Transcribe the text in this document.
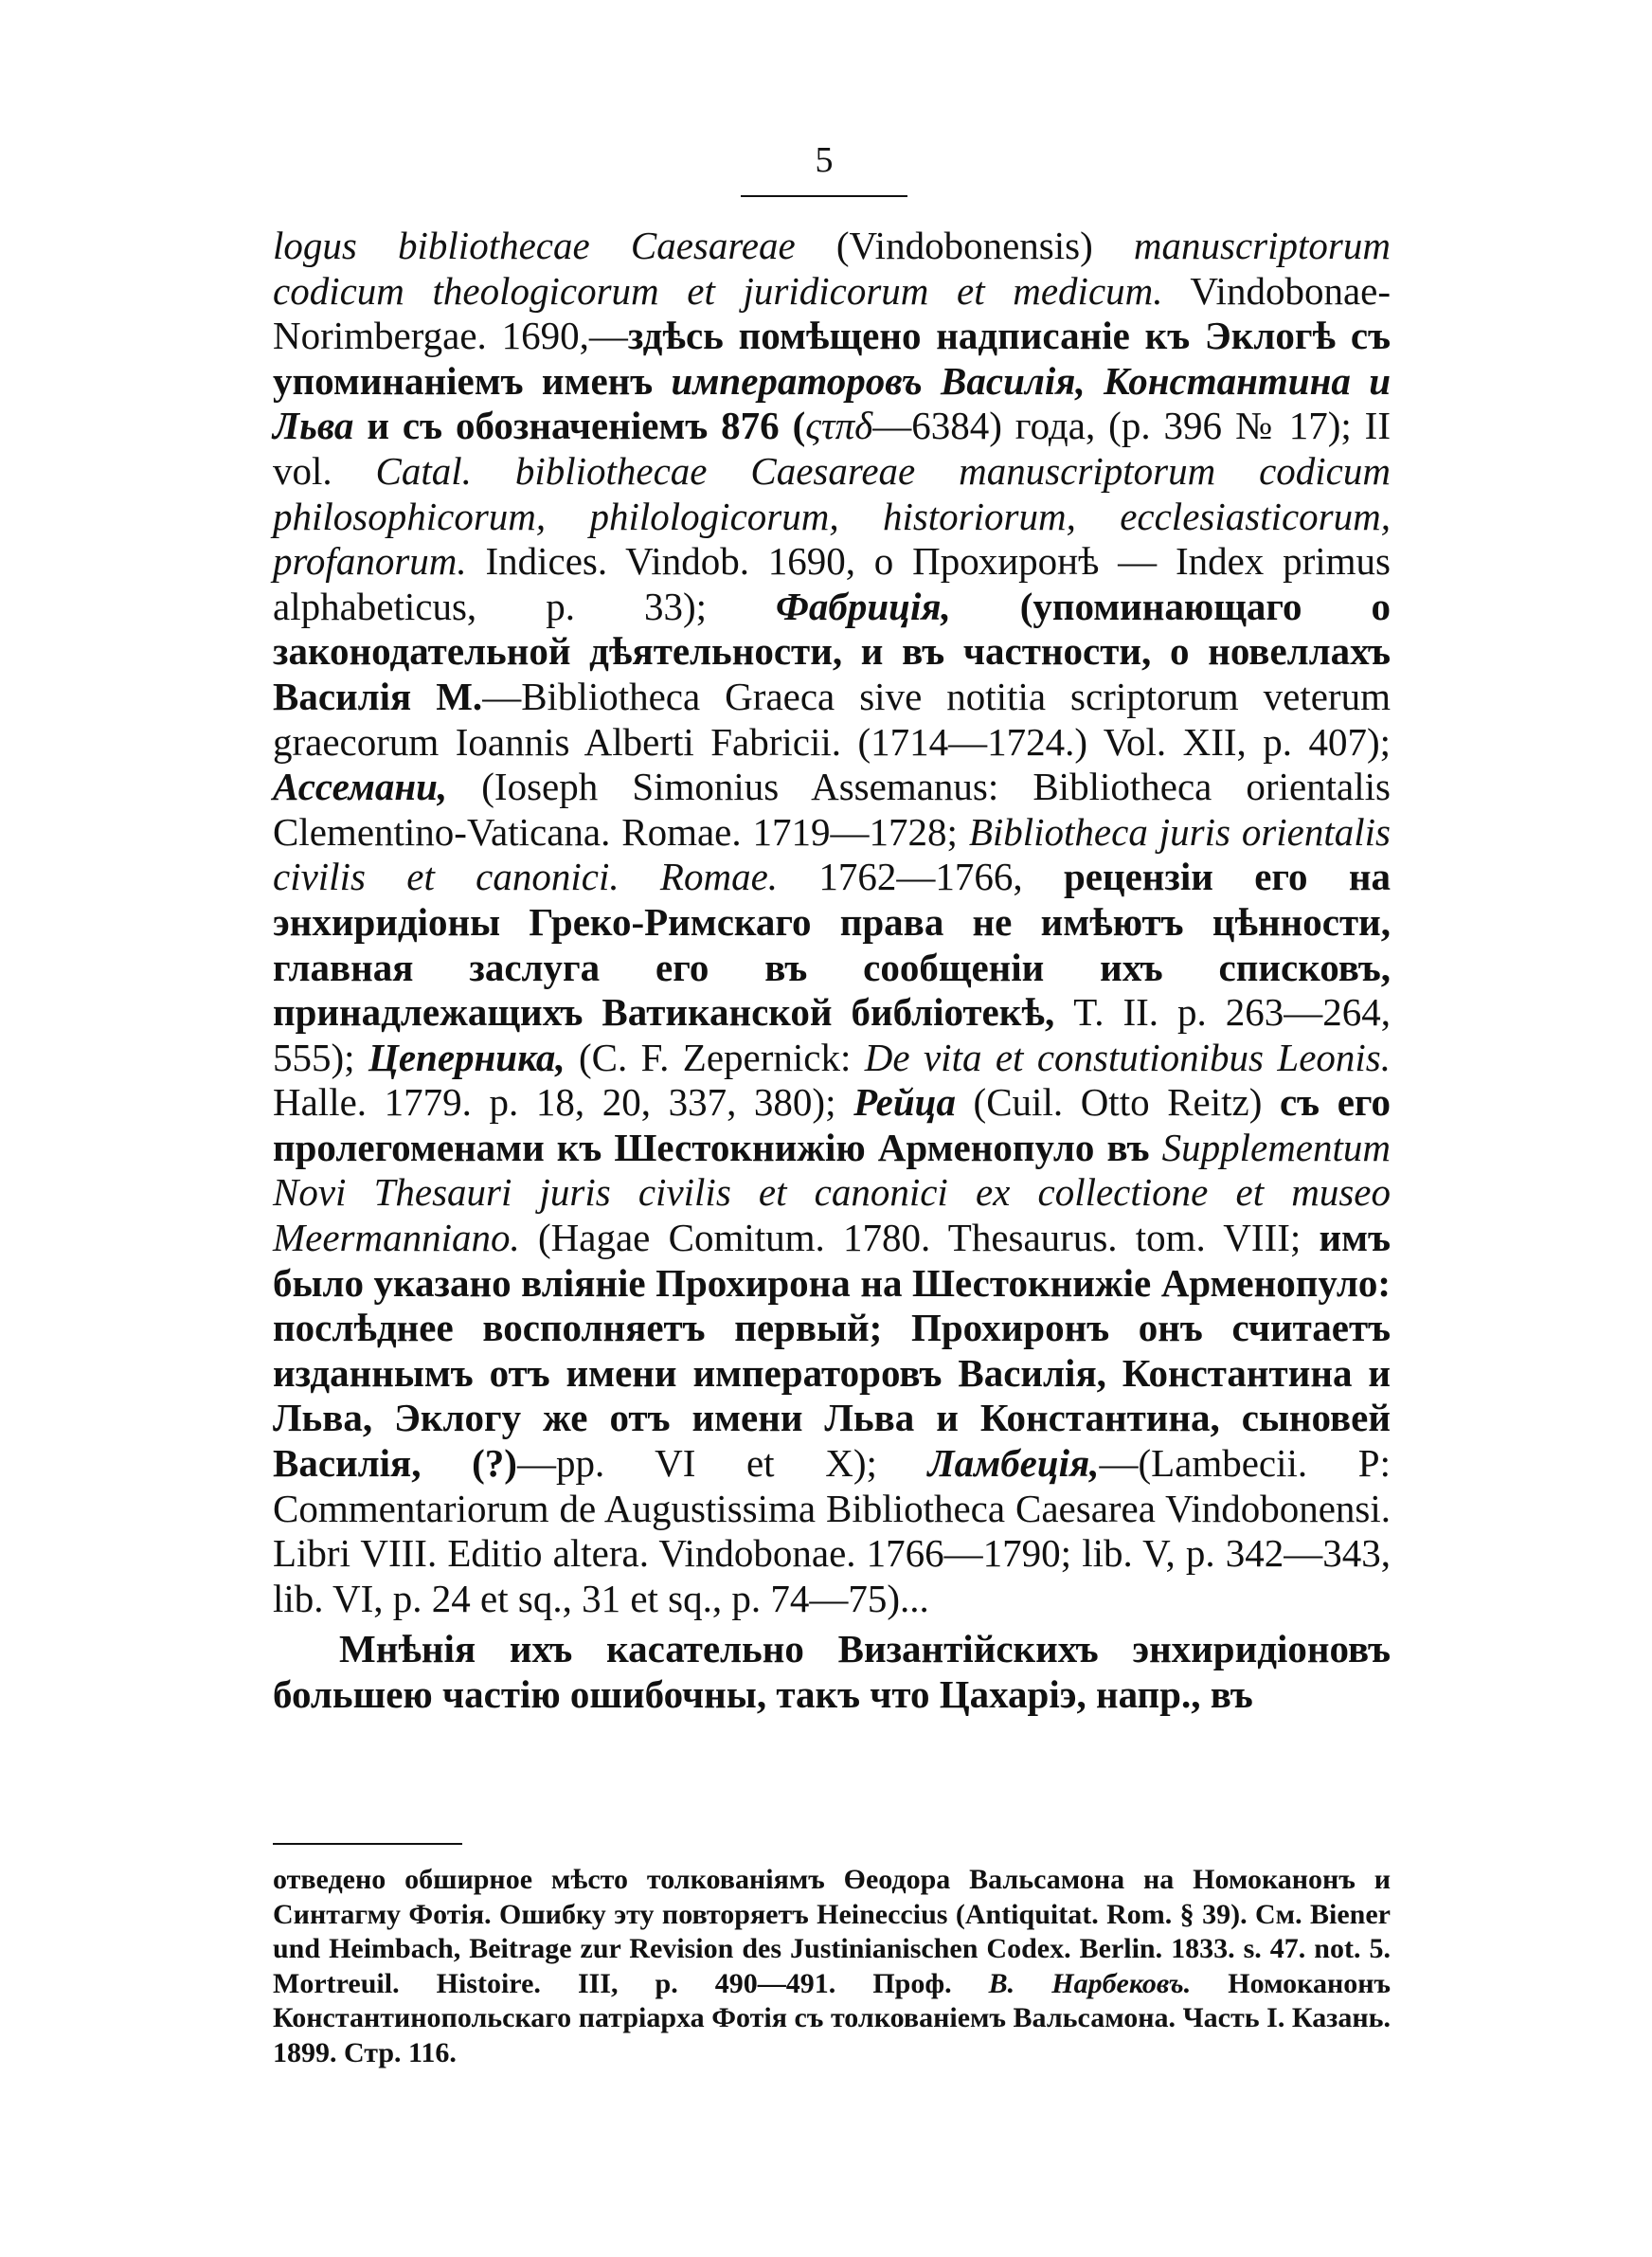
5

logus bibliothecae Caesareae (Vindobonensis) manuscriptorum codicum theologicorum et juridicorum et medicum. Vindobonae-Norimbergae. 1690,—здѣсь помѣщено надписаніе къ Эклогѣ съ упоминаніемъ именъ императоровъ Василія, Константина и Льва и съ обозначеніемъ 876 (ςτπδ—6384) года, (р. 396 № 17); II vol. Catal. bibliothecae Caesareae manuscriptorum codicum philosophicorum, philologicorum, historiorum, ecclesiasticorum, profanorum. Indices. Vindob. 1690, о Прохиронѣ — Index primus alphabeticus, p. 33); Фабриція, (упоминающаго о законодательной дѣятельности, и въ частности, о новеллахъ Василія М.—Bibliotheca Graeca sive notitia scriptorum veterum graecorum Ioannis Alberti Fabricii. (1714—1724.) Vol. XII, p. 407); Ассемани, (Ioseph Simonius Assemanus: Bibliotheca orientalis Clementino-Vaticana. Romae. 1719—1728; Bibliotheca juris orientalis civilis et canonici. Romae. 1762—1766, рецензіи его на энхиридіоны Греко-Римскаго права не имѣютъ цѣнности, главная заслуга его въ сообщеніи ихъ списковъ, принадлежащихъ Ватиканской библіотекѣ, T. II. p. 263—264, 555); Цеперника, (C. F. Zepernick: De vita et constutionibus Leonis. Halle. 1779. p. 18, 20, 337, 380); Рейца (Cuil. Otto Reitz) съ его пролегоменами къ Шестокнижію Арменопуло въ Supplementum Novi Thesauri juris civilis et canonici ex collectione et museo Meermanniano. (Hagae Comitum. 1780. Thesaurus. tom. VIII; имъ было указано вліяніе Прохирона на Шестокнижіе Арменопуло: послѣднее восполняетъ первый; Прохиронъ онъ считаетъ изданнымъ отъ имени императоровъ Василія, Константина и Льва, Эклогу же отъ имени Льва и Константина, сыновей Василія, (?)—pp. VI et X); Ламбеція,—(Lambecii. P: Commentariorum de Augustissima Bibliotheca Caesarea Vindobonensi. Libri VIII. Editio altera. Vindobonae. 1766—1790; lib. V, p. 342—343, lib. VI, p. 24 et sq., 31 et sq., p. 74—75)...

Мнѣнія ихъ касательно Византійскихъ энхиридіоновъ большею частію ошибочны, такъ что Цахаріэ, напр., въ

отведено обширное мѣсто толкованіямъ Өеодора Вальсамона на Номоканонъ и Синтагму Фотія. Ошибку эту повторяетъ Heineccius (Antiquitat. Rom. § 39). См. Biener und Heimbach, Beitrage zur Revision des Justinianischen Codex. Berlin. 1833. s. 47. not. 5. Mortreuil. Histoire. III, p. 490—491. Проф. В. Нарбековъ. Номоканонъ Константинопольскаго патріарха Фотія съ толкованіемъ Вальсамона. Часть I. Казань. 1899. Стр. 116.
